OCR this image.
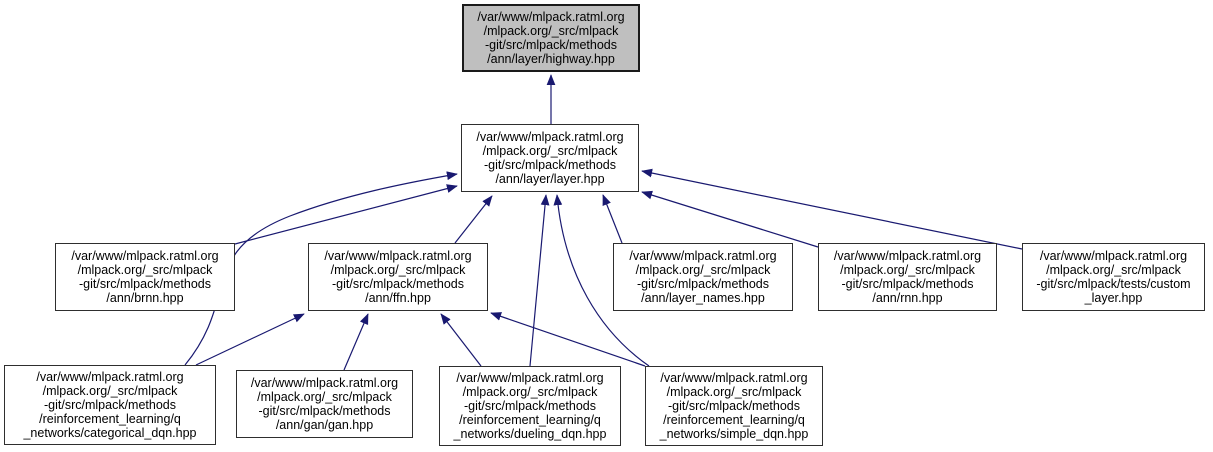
/var/www/mlpack.ratml.org
/mlpack.org/_src/mlpack
-git/src/mlpack/methods
/ann/layer/highway.hpp
/var/www/mlpack.ratml.org
/mlpack.org/_src/mlpack
-git/src/mlpack/methods
/ann/layer/layer.hpp
/var/www/mlpack.ratml.org
/mlpack.org/_src/mlpack
-git/src/mlpack/methods
/ann/brnn.hpp
/var/www/mlpack.ratml.org
/mlpack.org/_src/mlpack
-git/src/mlpack/methods
/ann/ffn.hpp
/var/www/mlpack.ratml.org
/mlpack.org/_src/mlpack
-git/src/mlpack/methods
/ann/layer_names.hpp
/var/www/mlpack.ratml.org
/mlpack.org/_src/mlpack
-git/src/mlpack/methods
/ann/rnn.hpp
/var/www/mlpack.ratml.org
/mlpack.org/_src/mlpack
-git/src/mlpack/tests/custom
_layer.hpp
/var/www/mlpack.ratml.org
/mlpack.org/_src/mlpack
-git/src/mlpack/methods
/reinforcement_learning/q
_networks/categorical_dqn.hpp
/var/www/mlpack.ratml.org
/mlpack.org/_src/mlpack
-git/src/mlpack/methods
/ann/gan/gan.hpp
/var/www/mlpack.ratml.org
/mlpack.org/_src/mlpack
-git/src/mlpack/methods
/reinforcement_learning/q
_networks/dueling_dqn.hpp
/var/www/mlpack.ratml.org
/mlpack.org/_src/mlpack
-git/src/mlpack/methods
/reinforcement_learning/q
_networks/simple_dqn.hpp
